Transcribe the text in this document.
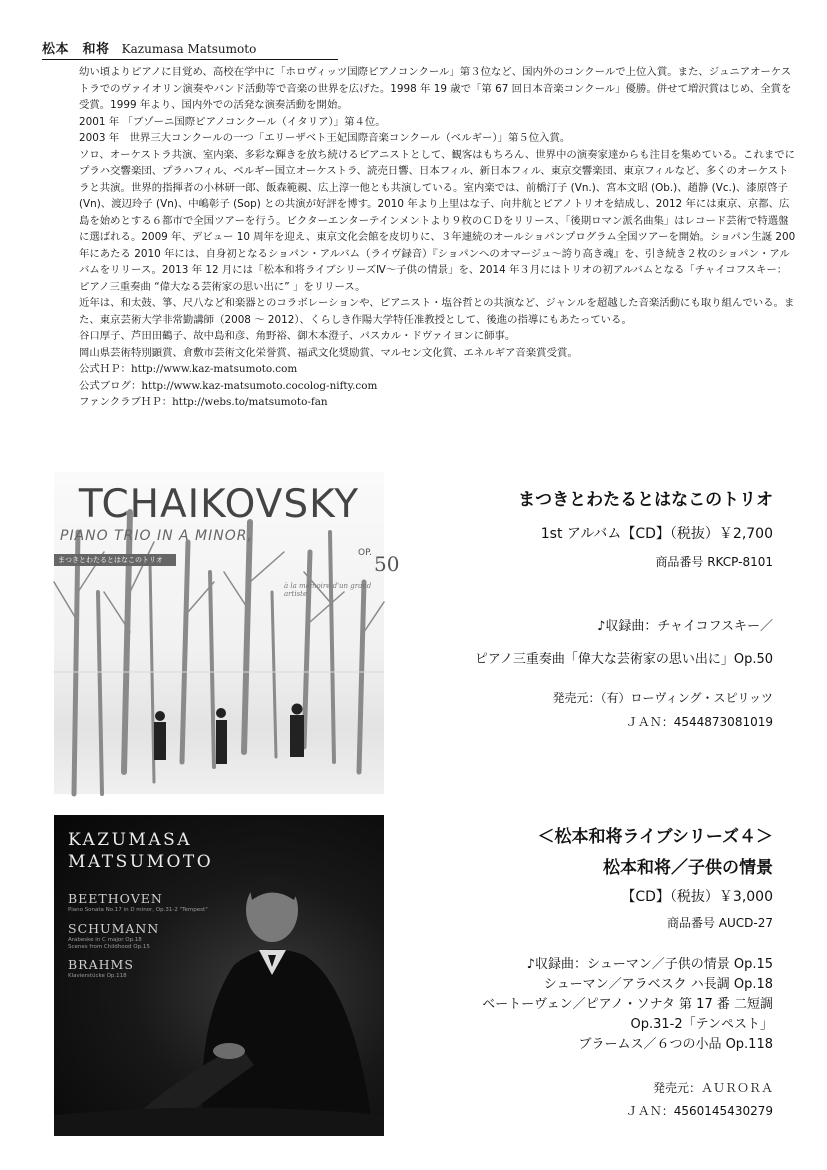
松本　和将 Kazumasa Matsumoto

幼い頃よりピアノに目覚め、高校在学中に「ホロヴィッツ国際ピアノコンクール」第３位など、国内外のコンクールで上位入賞。また、ジュニアオーケストラでのヴァイオリン演奏やバンド活動等で音楽の世界を広げた。1998 年 19 歳で「第 67 回日本音楽コンクール」優勝。併せて増沢賞はじめ、全賞を受賞。1999 年より、国内外での活発な演奏活動を開始。

2001 年 「ブゾーニ国際ピアノコンクール（イタリア）」第４位。

2003 年　世界三大コンクールの一つ「エリーザベト王妃国際音楽コンクール（ベルギー）」第５位入賞。

ソロ、オーケストラ共演、室内楽、多彩な輝きを放ち続けるピアニストとして、観客はもちろん、世界中の演奏家達からも注目を集めている。これまでにプラハ交響楽団、プラハフィル、ベルギー国立オーケストラ、読売日響、日本フィル、新日本フィル、東京交響楽団、東京フィルなど、多くのオーケストラと共演。世界的指揮者の小林研一郎、飯森範親、広上淳一他とも共演している。室内楽では、前橋汀子 (Vn.)、宮本文昭 (Ob.)、趙静 (Vc.)、漆原啓子 (Vn)、渡辺玲子 (Vn)、中嶋彰子 (Sop) との共演が好評を博す。2010 年より上里はな子、向井航とピアノトリオを結成し、2012 年には東京、京都、広島を始めとする６都市で全国ツアーを行う。ビクターエンターテインメントより９枚のＣＤをリリース、「後期ロマン派名曲集」はレコード芸術で特選盤に選ばれる。2009 年、デビュー 10 周年を迎え、東京文化会館を皮切りに、３年連続のオールショパンプログラム全国ツアーを開始。ショパン生誕 200 年にあたる 2010 年には、自身初となるショパン・アルバム（ライヴ録音）『ショパンへのオマージュ～誇り高き魂』を、引き続き２枚のショパン・アルバムをリリース。2013 年 12 月には「松本和将ライブシリーズⅣ～子供の情景」を、2014 年３月にはトリオの初アルバムとなる「チャイコフスキー：ピアノ三重奏曲 “偉大なる芸術家の思い出に” 」をリリース。

近年は、和太鼓、箏、尺八など和楽器とのコラボレーションや、ピアニスト・塩谷哲との共演など、ジャンルを超越した音楽活動にも取り組んでいる。また、東京芸術大学非常勤講師（2008 ～ 2012）、くらしき作陽大学特任准教授として、後進の指導にもあたっている。

谷口厚子、芦田田鶴子、故中島和彦、角野裕、御木本澄子、パスカル・ドヴァイヨンに師事。

岡山県芸術特別顕賞、倉敷市芸術文化栄誉賞、福武文化奨励賞、マルセン文化賞、エネルギア音楽賞受賞。

公式ＨＰ：http://www.kaz-matsumoto.com

公式ブログ：http://www.kaz-matsumoto.cocolog-nifty.com

ファンクラブＨＰ：http://webs.to/matsumoto-fan

TCHAIKOVSKY
PIANO TRIO IN A MINOR,
まつきとわたるとはなこのトリオ
OP. 50
à la mémoire d'un grand artiste
まつきとわたるとはなこのトリオ
1st アルバム【CD】（税抜）￥2,700
商品番号 RKCP-8101
♪収録曲：チャイコフスキー／
ピアノ三重奏曲「偉大な芸術家の思い出に」Op.50
発売元：（有）ローヴィング・スピリッツ
ＪＡＮ：4544873081019
KAZUMASA
MATSUMOTO
BEETHOVEN
Piano Sonata No.17 in D minor, Op.31-2 "Tempest"
SCHUMANN
Arabeske in C major Op.18
Scenes from Childhood Op.15
BRAHMS
Klavierstücke Op.118
＜松本和将ライブシリーズ４＞
松本和将／子供の情景
【CD】（税抜）￥3,000
商品番号 AUCD-27
♪収録曲：シューマン／子供の情景 Op.15
シューマン／アラベスク ハ長調 Op.18
ベートーヴェン／ピアノ・ソナタ 第 17 番 二短調
Op.31-2「テンペスト」
ブラームス／６つの小品 Op.118
発売元：ＡＵＲＯＲＡ
ＪＡＮ：4560145430279
